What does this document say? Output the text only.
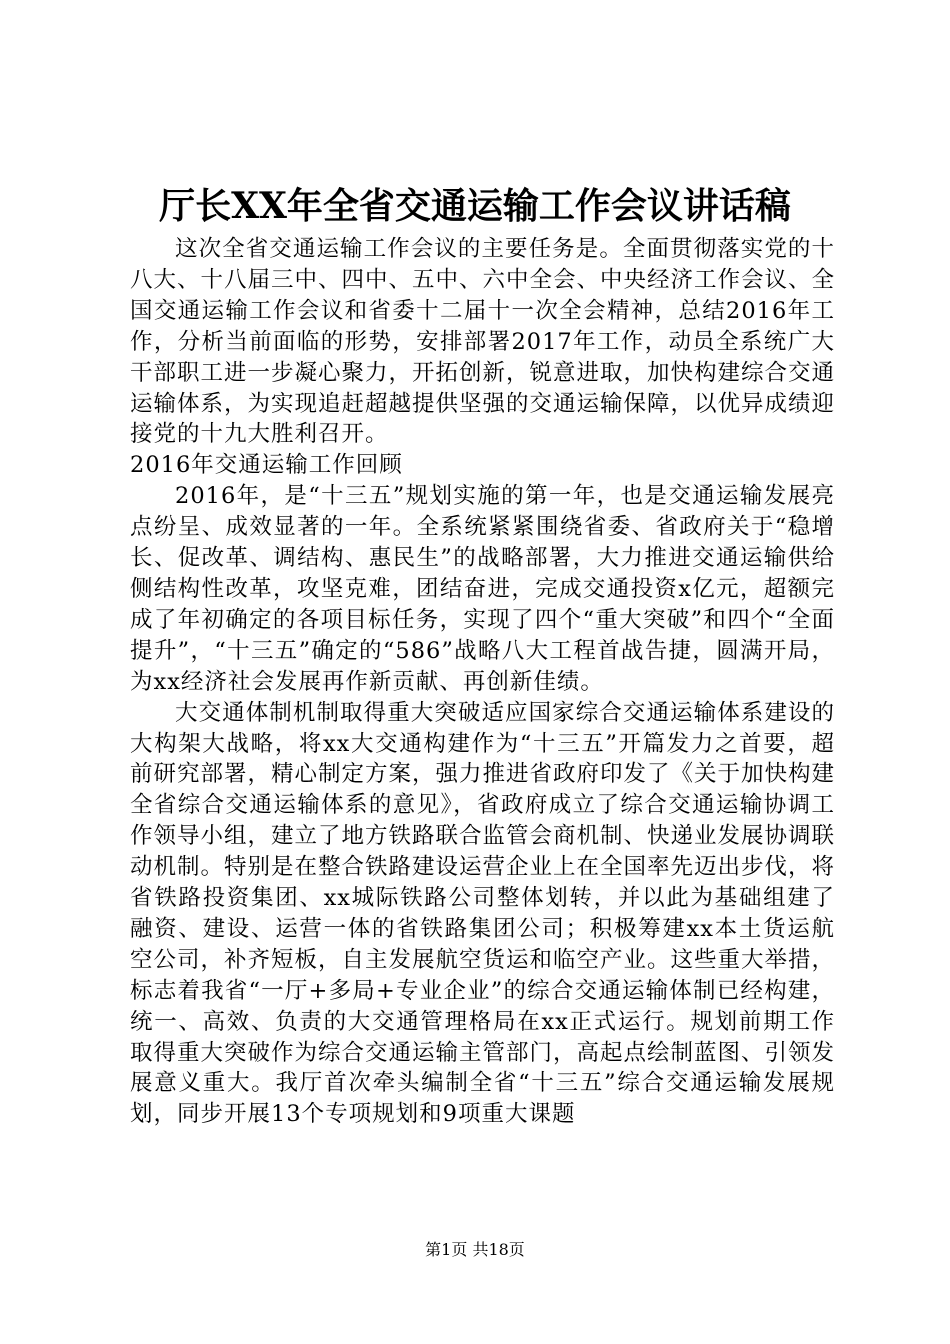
厅长XX年全省交通运输工作会议讲话稿

这次全省交通运输工作会议的主要任务是。全面贯彻落实党的十八大、十八届三中、四中、五中、六中全会、中央经济工作会议、全国交通运输工作会议和省委十二届十一次全会精神，总结2016年工作，分析当前面临的形势，安排部署2017年工作，动员全系统广大干部职工进一步凝心聚力，开拓创新，锐意进取，加快构建综合交通运输体系，为实现追赶超越提供坚强的交通运输保障，以优异成绩迎接党的十九大胜利召开。

2016年交通运输工作回顾

2016年，是“十三五”规划实施的第一年，也是交通运输发展亮点纷呈、成效显著的一年。全系统紧紧围绕省委、省政府关于“稳增长、促改革、调结构、惠民生”的战略部署，大力推进交通运输供给侧结构性改革，攻坚克难，团结奋进，完成交通投资x亿元，超额完成了年初确定的各项目标任务，实现了四个“重大突破”和四个“全面提升”，“十三五”确定的“586”战略八大工程首战告捷，圆满开局，为xx经济社会发展再作新贡献、再创新佳绩。

大交通体制机制取得重大突破适应国家综合交通运输体系建设的大构架大战略，将xx大交通构建作为“十三五”开篇发力之首要，超前研究部署，精心制定方案，强力推进省政府印发了《关于加快构建全省综合交通运输体系的意见》，省政府成立了综合交通运输协调工作领导小组，建立了地方铁路联合监管会商机制、快递业发展协调联动机制。特别是在整合铁路建设运营企业上在全国率先迈出步伐，将省铁路投资集团、xx城际铁路公司整体划转，并以此为基础组建了融资、建设、运营一体的省铁路集团公司；积极筹建xx本土货运航空公司，补齐短板，自主发展航空货运和临空产业。这些重大举措，标志着我省“一厅+多局+专业企业”的综合交通运输体制已经构建，统一、高效、负责的大交通管理格局在xx正式运行。规划前期工作取得重大突破作为综合交通运输主管部门，高起点绘制蓝图、引领发展意义重大。我厅首次牵头编制全省“十三五”综合交通运输发展规划，同步开展13个专项规划和9项重大课题

第1页 共18页
